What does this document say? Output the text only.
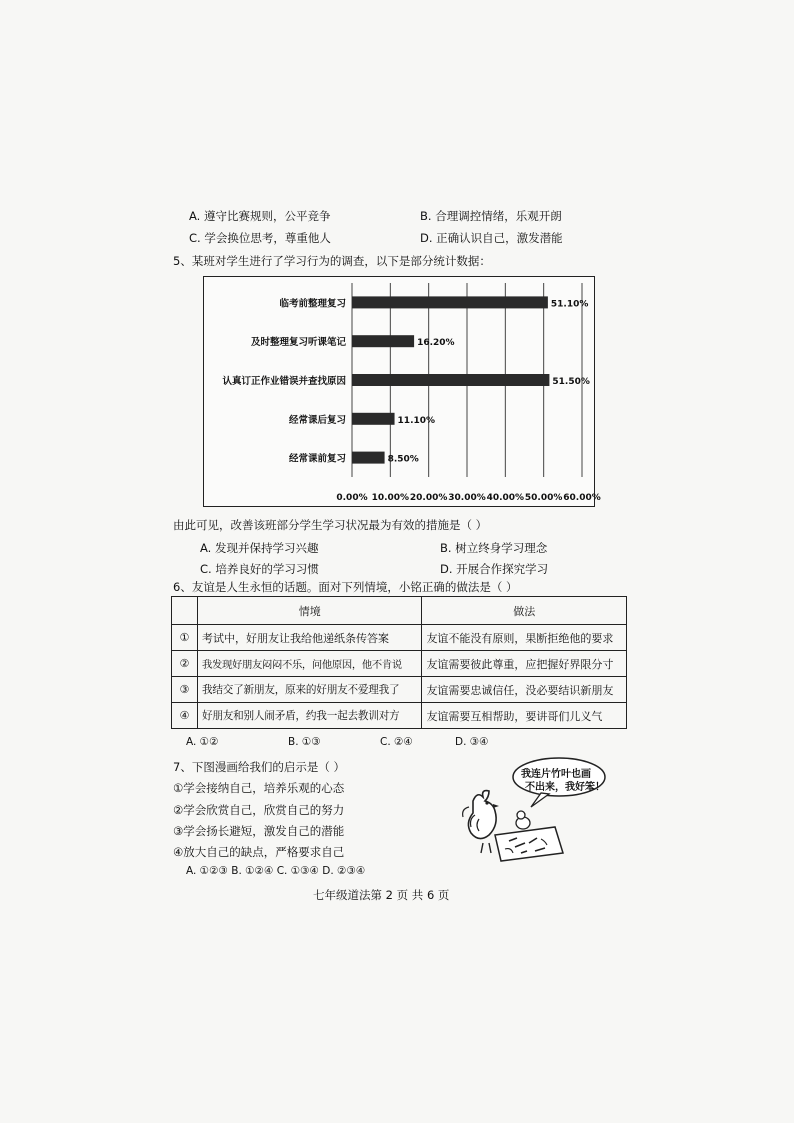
A. 遵守比赛规则，公平竞争	B. 合理调控情绪，乐观开朗
C. 学会换位思考，尊重他人	D. 正确认识自己，激发潜能
5、某班对学生进行了学习行为的调查，以下是部分统计数据：
0.00% 10.00% 20.00% 30.00% 40.00% 50.00% 60.00%
临考前整理复习	51.10%
及时整理复习听课笔记	16.20%
认真订正作业错误并查找原因	51.50%
经常课后复习	11.10%
经常课前复习	8.50%
由此可见，改善该班部分学生学习状况最为有效的措施是（ ）
A. 发现并保持学习兴趣	B. 树立终身学习理念
C. 培养良好的学习习惯	D. 开展合作探究学习
6、友谊是人生永恒的话题。面对下列情境，小铭正确的做法是（ ）
	情境	做法
①	考试中，好朋友让我给他递纸条传答案	友谊不能没有原则，果断拒绝他的要求
②	我发现好朋友闷闷不乐，问他原因，他不肯说	友谊需要彼此尊重，应把握好界限分寸
③	我结交了新朋友，原来的好朋友不爱理我了	友谊需要忠诚信任，没必要结识新朋友
④	好朋友和别人闹矛盾，约我一起去教训对方	友谊需要互相帮助，要讲哥们儿义气
A. ①②	B. ①③	C. ②④	D. ③④
7、下图漫画给我们的启示是（ ）
①学会接纳自己，培养乐观的心态
②学会欣赏自己，欣赏自己的努力
③学会扬长避短，激发自己的潜能
④放大自己的缺点，严格要求自己
A. ①②③ B. ①②④ C. ①③④ D. ②③④
我连片竹叶也画
不出来，我好笨！
七年级道法第 2 页 共 6 页
